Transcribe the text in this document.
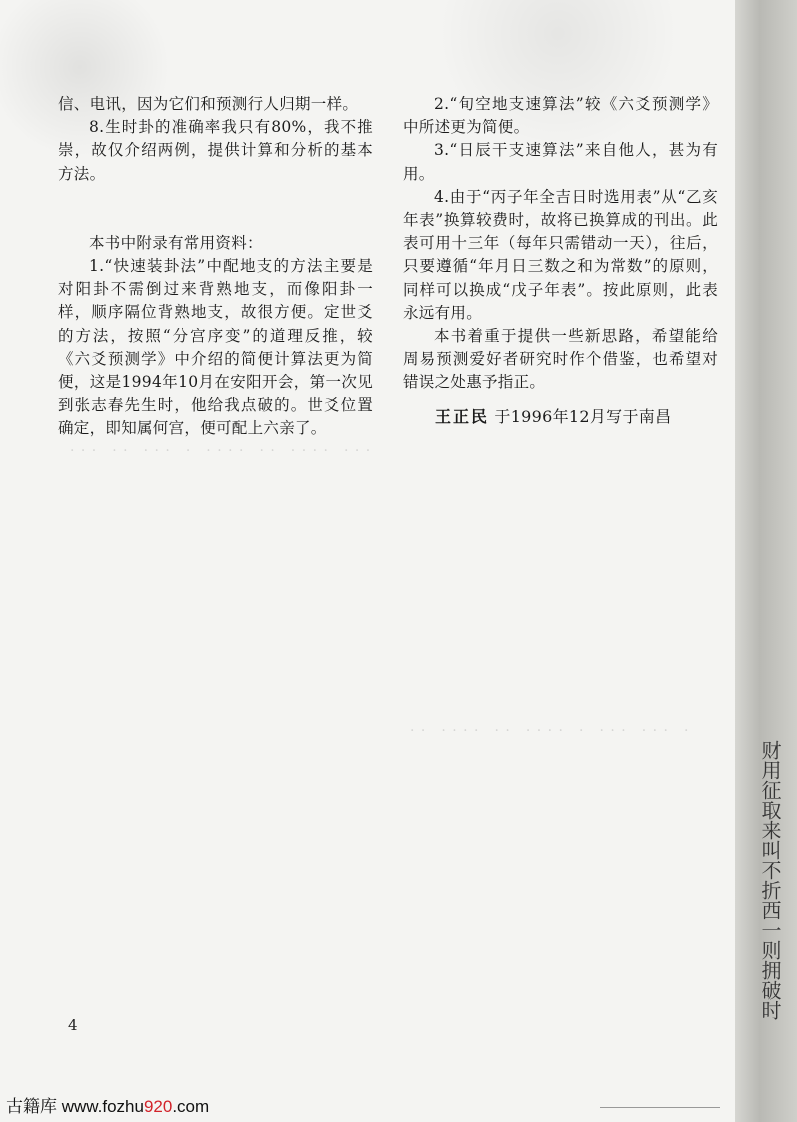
财用征取来叫不折西一则拥破时
· · ·　· ·　· · ·　·　· · · ·　· ·　· · · ·　· · ·
· ·　· · · ·　· ·　· · · ·　·　· · ·　· · ·　·

信、电讯，因为它们和预测行人归期一样。

8.生时卦的准确率我只有80%，我不推崇，故仅介绍两例，提供计算和分析的基本方法。

本书中附录有常用资料：

1.“快速装卦法”中配地支的方法主要是对阳卦不需倒过来背熟地支，而像阳卦一样，顺序隔位背熟地支，故很方便。定世爻的方法，按照“分宫序变”的道理反推，较《六爻预测学》中介绍的简便计算法更为简便，这是1994年10月在安阳开会，第一次见到张志春先生时，他给我点破的。世爻位置确定，即知属何宫，便可配上六亲了。

2.“旬空地支速算法”较《六爻预测学》中所述更为简便。

3.“日辰干支速算法”来自他人，甚为有用。

4.由于“丙子年全吉日时选用表”从“乙亥年表”换算较费时，故将已换算成的刊出。此表可用十三年（每年只需错动一天），往后，只要遵循“年月日三数之和为常数”的原则，同样可以换成“戊子年表”。按此原则，此表永远有用。

本书着重于提供一些新思路，希望能给周易预测爱好者研究时作个借鉴，也希望对错误之处惠予指正。

王正民 于1996年12月写于南昌

4
古籍库 www.fozhu920.com
